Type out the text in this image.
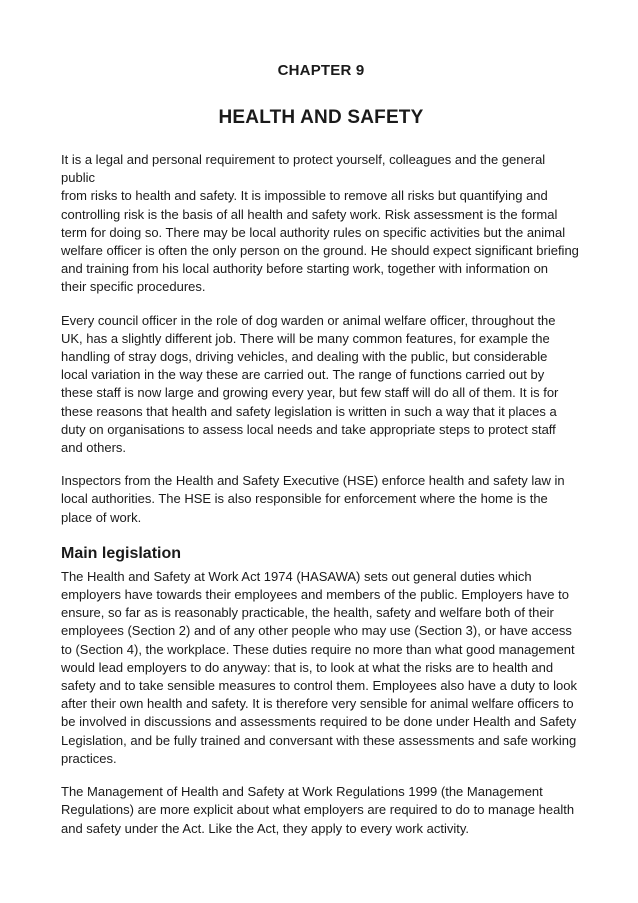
CHAPTER 9
HEALTH AND SAFETY

It is a legal and personal requirement to protect yourself, colleagues and the general public
from risks to health and safety. It is impossible to remove all risks but quantifying and
controlling risk is the basis of all health and safety work. Risk assessment is the formal
term for doing so. There may be local authority rules on specific activities but the animal
welfare officer is often the only person on the ground. He should expect significant briefing
and training from his local authority before starting work, together with information on
their specific procedures.

Every council officer in the role of dog warden or animal welfare officer, throughout the
UK, has a slightly different job. There will be many common features, for example the
handling of stray dogs, driving vehicles, and dealing with the public, but considerable
local variation in the way these are carried out. The range of functions carried out by
these staff is now large and growing every year, but few staff will do all of them. It is for
these reasons that health and safety legislation is written in such a way that it places a
duty on organisations to assess local needs and take appropriate steps to protect staff
and others.

Inspectors from the Health and Safety Executive (HSE) enforce health and safety law in
local authorities. The HSE is also responsible for enforcement where the home is the
place of work.

Main legislation

The Health and Safety at Work Act 1974 (HASAWA) sets out general duties which
employers have towards their employees and members of the public. Employers have to
ensure, so far as is reasonably practicable, the health, safety and welfare both of their
employees (Section 2) and of any other people who may use (Section 3), or have access
to (Section 4), the workplace. These duties require no more than what good management
would lead employers to do anyway: that is, to look at what the risks are to health and
safety and to take sensible measures to control them. Employees also have a duty to look
after their own health and safety. It is therefore very sensible for animal welfare officers to
be involved in discussions and assessments required to be done under Health and Safety
Legislation, and be fully trained and conversant with these assessments and safe working
practices.

The Management of Health and Safety at Work Regulations 1999 (the Management
Regulations) are more explicit about what employers are required to do to manage health
and safety under the Act. Like the Act, they apply to every work activity.
